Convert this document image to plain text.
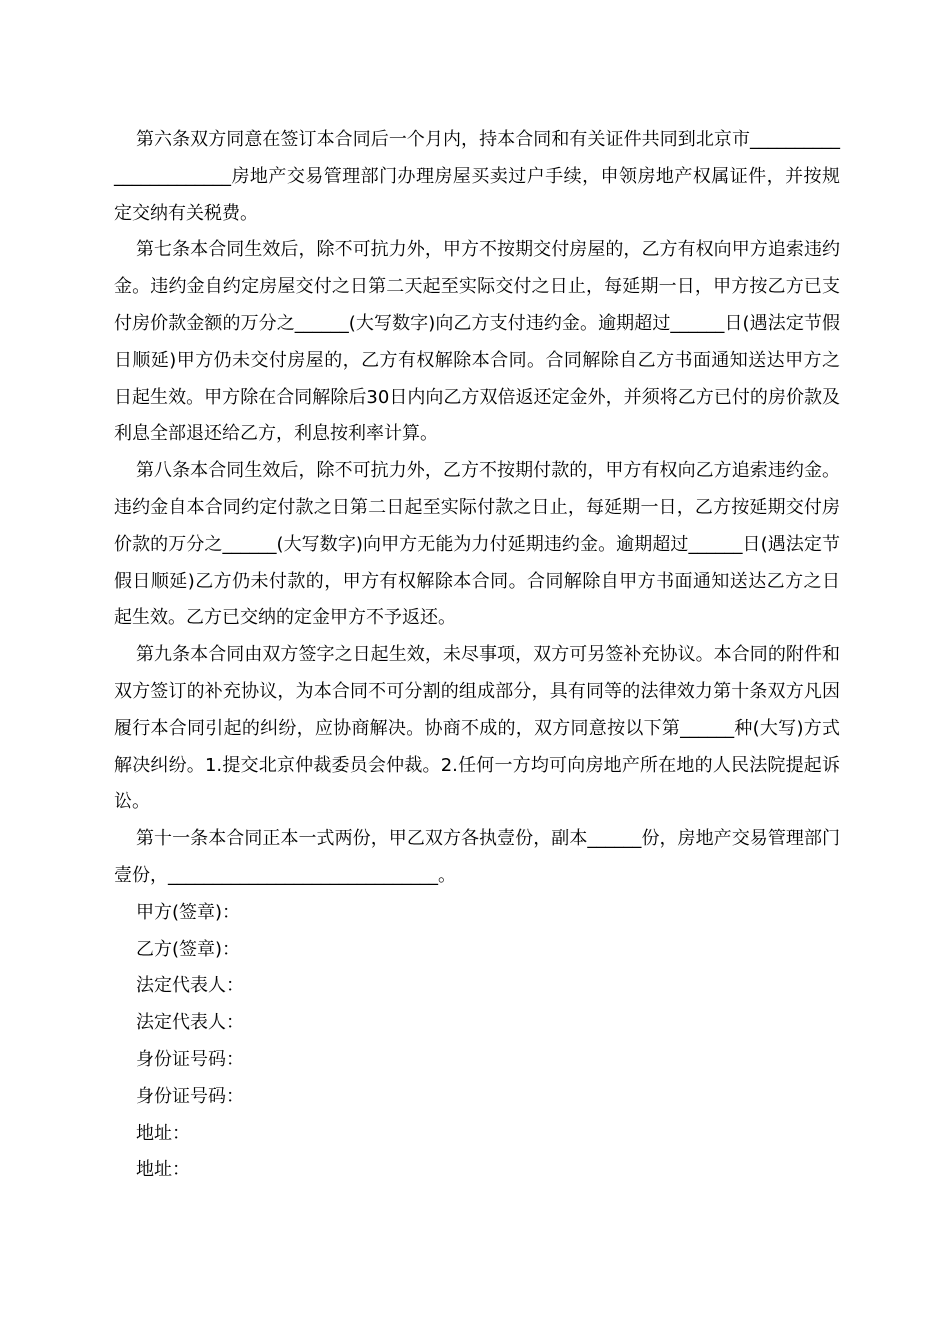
第六条双方同意在签订本合同后一个月内，持本合同和有关证件共同到北京市_______________________房地产交易管理部门办理房屋买卖过户手续，申领房地产权属证件，并按规定交纳有关税费。

第七条本合同生效后，除不可抗力外，甲方不按期交付房屋的，乙方有权向甲方追索违约金。违约金自约定房屋交付之日第二天起至实际交付之日止，每延期一日，甲方按乙方已支付房价款金额的万分之______(大写数字)向乙方支付违约金。逾期超过______日(遇法定节假日顺延)甲方仍未交付房屋的，乙方有权解除本合同。合同解除自乙方书面通知送达甲方之日起生效。甲方除在合同解除后30日内向乙方双倍返还定金外，并须将乙方已付的房价款及利息全部退还给乙方，利息按利率计算。

第八条本合同生效后，除不可抗力外，乙方不按期付款的，甲方有权向乙方追索违约金。违约金自本合同约定付款之日第二日起至实际付款之日止，每延期一日，乙方按延期交付房价款的万分之______(大写数字)向甲方无能为力付延期违约金。逾期超过______日(遇法定节假日顺延)乙方仍未付款的，甲方有权解除本合同。合同解除自甲方书面通知送达乙方之日起生效。乙方已交纳的定金甲方不予返还。

第九条本合同由双方签字之日起生效，未尽事项，双方可另签补充协议。本合同的附件和双方签订的补充协议，为本合同不可分割的组成部分，具有同等的法律效力第十条双方凡因履行本合同引起的纠纷，应协商解决。协商不成的，双方同意按以下第______种(大写)方式解决纠纷。1.提交北京仲裁委员会仲裁。2.任何一方均可向房地产所在地的人民法院提起诉讼。

第十一条本合同正本一式两份，甲乙双方各执壹份，副本______份，房地产交易管理部门壹份，______________________________。

甲方(签章)：

乙方(签章)：

法定代表人：

法定代表人：

身份证号码：

身份证号码：

地址：

地址：
